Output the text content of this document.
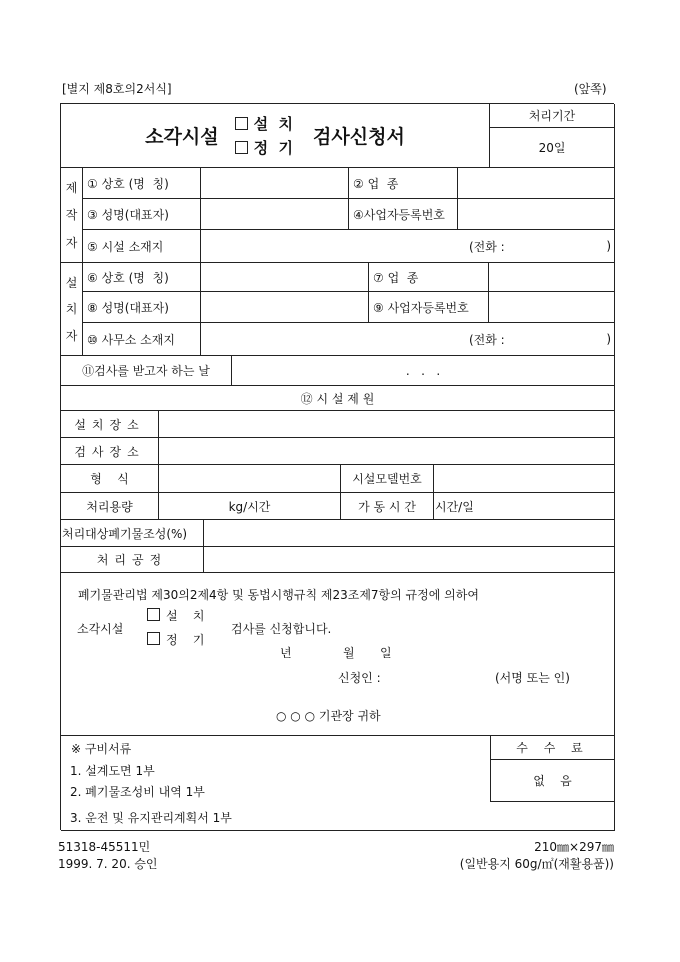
[별지 제8호의2서식]	(앞쪽)
소각시설
설  치
정  기 검사신청서
처리기간
20일
제
작
자
① 상호 (명  칭)	② 업  종
③ 성명(대표자)	④사업자등록번호
⑤ 시설 소재지	(전화 :	)
설
치
자
⑥ 상호 (명  칭)	⑦ 업  종
⑧ 성명(대표자)	⑨ 사업자등록번호
⑩ 사무소 소재지	(전화 :	)
⑪검사를 받고자 하는 날	.   .   .
⑫ 시 설 제 원
설치장소
검사장소
형    식	시설모델번호
처리용량	kg/시간	가 동 시 간	시간/일
처리대상폐기물조성(%)
처리공정
수 수 료
없    음
폐기물관리법 제30의2제4항 및 동법시행규칙 제23조제7항의 규정에 의하여
소각시설
설    치
정    기
검사를 신청합니다.
년	월 일
신청인 :	(서명 또는 인)
○ ○ ○ 기관장 귀하
※ 구비서류
1. 설계도면 1부
2. 폐기물조성비 내역 1부
3. 운전 및 유지관리계획서 1부
51318-45511민
1999. 7. 20. 승인
210㎜×297㎜
(일반용지 60g/㎡(재활용품))
